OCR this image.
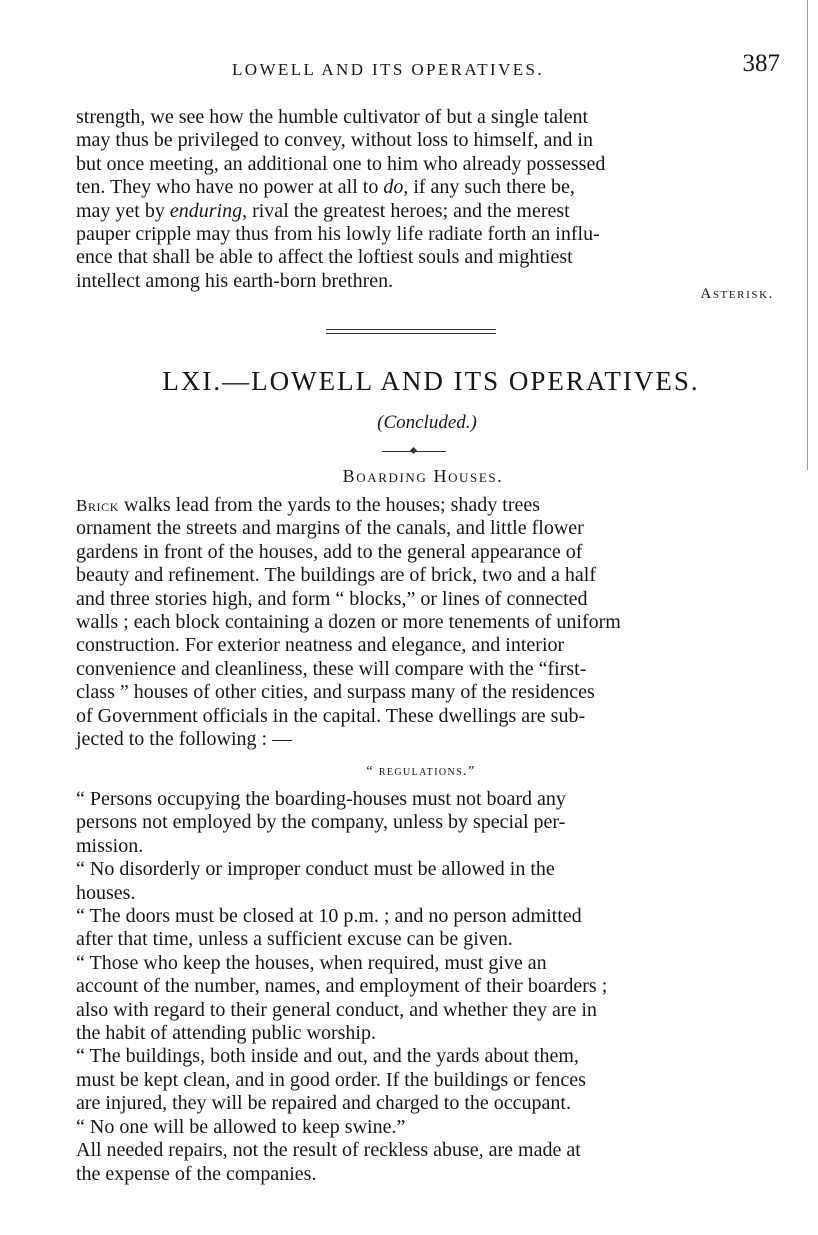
LOWELL AND ITS OPERATIVES.	387
strength, we see how the humble cultivator of but a single talent
may thus be privileged to convey, without loss to himself, and in
but once meeting, an additional one to him who already possessed
ten. They who have no power at all to do, if any such there be,
may yet by enduring, rival the greatest heroes; and the merest
pauper cripple may thus from his lowly life radiate forth an influ-
ence that shall be able to affect the loftiest souls and mightiest
intellect among his earth-born brethren.
Asterisk.
LXI.—LOWELL AND ITS OPERATIVES.
(Concluded.)
Boarding Houses.
Brick walks lead from the yards to the houses; shady trees
ornament the streets and margins of the canals, and little flower
gardens in front of the houses, add to the general appearance of
beauty and refinement. The buildings are of brick, two and a half
and three stories high, and form “ blocks,” or lines of connected
walls ; each block containing a dozen or more tenements of uniform
construction. For exterior neatness and elegance, and interior
convenience and cleanliness, these will compare with the “first-
class ” houses of other cities, and surpass many of the residences
of Government officials in the capital. These dwellings are sub-
jected to the following : —
“ regulations.”
“ Persons occupying the boarding-houses must not board any
persons not employed by the company, unless by special per-
mission.
“ No disorderly or improper conduct must be allowed in the
houses.
“ The doors must be closed at 10 p.m. ; and no person admitted
after that time, unless a sufficient excuse can be given.
“ Those who keep the houses, when required, must give an
account of the number, names, and employment of their boarders ;
also with regard to their general conduct, and whether they are in
the habit of attending public worship.
“ The buildings, both inside and out, and the yards about them,
must be kept clean, and in good order. If the buildings or fences
are injured, they will be repaired and charged to the occupant.
“ No one will be allowed to keep swine.”
All needed repairs, not the result of reckless abuse, are made at
the expense of the companies.
